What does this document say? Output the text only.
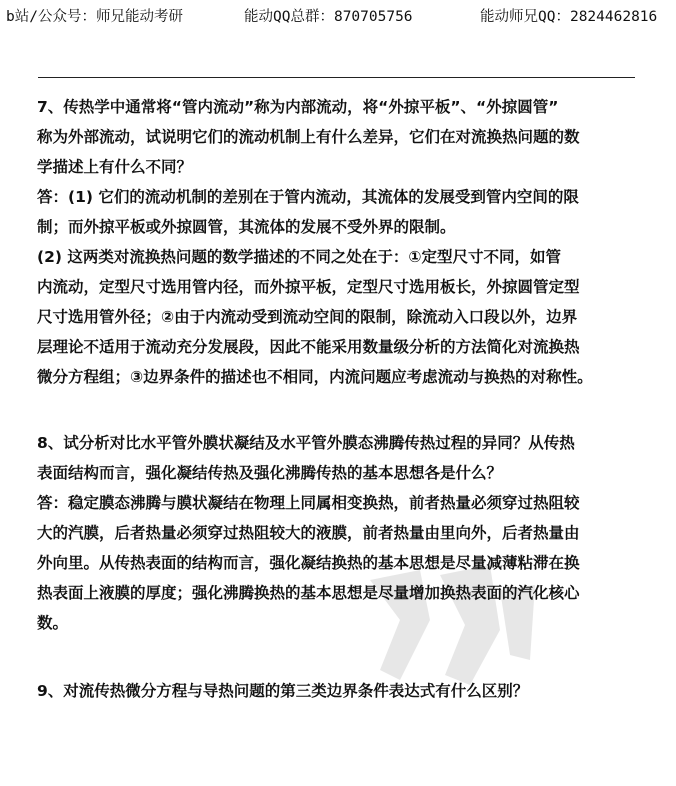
b站/公众号：师兄能动考研	能动QQ总群：870705756	能动师兄QQ：2824462816
7、传热学中通常将“管内流动”称为内部流动，将“外掠平板”、“外掠圆管”
称为外部流动，试说明它们的流动机制上有什么差异，它们在对流换热问题的数
学描述上有什么不同？
答：(1) 它们的流动机制的差别在于管内流动，其流体的发展受到管内空间的限
制；而外掠平板或外掠圆管，其流体的发展不受外界的限制。
(2) 这两类对流换热问题的数学描述的不同之处在于：①定型尺寸不同，如管
内流动，定型尺寸选用管内径，而外掠平板，定型尺寸选用板长，外掠圆管定型
尺寸选用管外径；②由于内流动受到流动空间的限制，除流动入口段以外，边界
层理论不适用于流动充分发展段，因此不能采用数量级分析的方法简化对流换热
微分方程组；③边界条件的描述也不相同，内流问题应考虑流动与换热的对称性。
8、试分析对比水平管外膜状凝结及水平管外膜态沸腾传热过程的异同？从传热
表面结构而言，强化凝结传热及强化沸腾传热的基本思想各是什么？
答：稳定膜态沸腾与膜状凝结在物理上同属相变换热，前者热量必须穿过热阻较
大的汽膜，后者热量必须穿过热阻较大的液膜，前者热量由里向外，后者热量由
外向里。从传热表面的结构而言，强化凝结换热的基本思想是尽量减薄粘滞在换
热表面上液膜的厚度；强化沸腾换热的基本思想是尽量增加换热表面的汽化核心
数。
9、对流传热微分方程与导热问题的第三类边界条件表达式有什么区别？
